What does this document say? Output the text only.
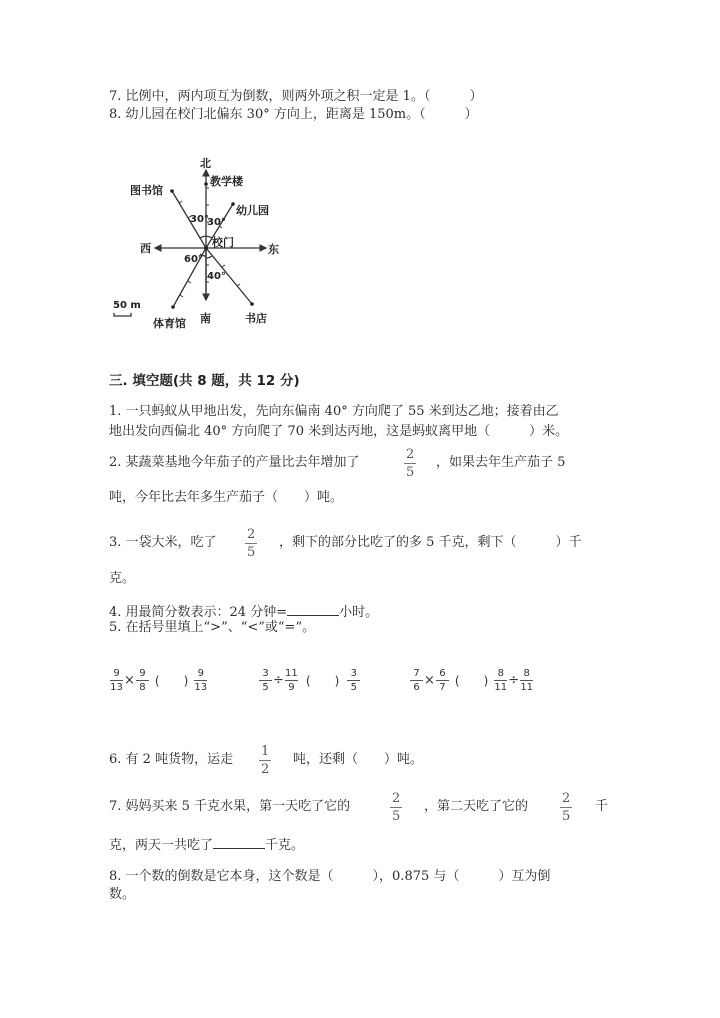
7. 比例中，两内项互为倒数，则两外项之积一定是 1。（　　　）
8. 幼儿园在校门北偏东 30° 方向上，距离是 150m。（　　　）
北
教学楼
图书馆
幼儿园
西	东
校门
南
体育馆	书店
30°
30°
60°
40°
50 m
三. 填空题(共 8 题，共 12 分)
1. 一只蚂蚁从甲地出发，先向东偏南 40° 方向爬了 55 米到达乙地；接着由乙
地出发向西偏北 40° 方向爬了 70 米到达丙地，这是蚂蚁离甲地（　　　）米。
2. 某蔬菜基地今年茄子的产量比去年增加了
2
5
，如果去年生产茄子 5
吨，今年比去年多生产茄子（　　）吨。
3. 一袋大米，吃了
2
5
，剩下的部分比吃了的多 5 千克，剩下（　　　）千
克。
4. 用最简分数表示：24 分钟=	小时。
5. 在括号里填上“>”、“<”或“=”。
9
13 × 9
8 (　　)
9
13
3
5 ÷ 11
9 (　　)
3
5
7
6 × 6
7 (　　)
8
11 ÷ 8
11
6. 有 2 吨货物，运走
1
2
吨，还剩（　　）吨。
7. 妈妈买来 5 千克水果，第一天吃了它的
2
5
，第二天吃了它的
2
5
千
克，两天一共吃了	千克。
8. 一个数的倒数是它本身，这个数是（　　　），0.875 与（　　　）互为倒
数。
